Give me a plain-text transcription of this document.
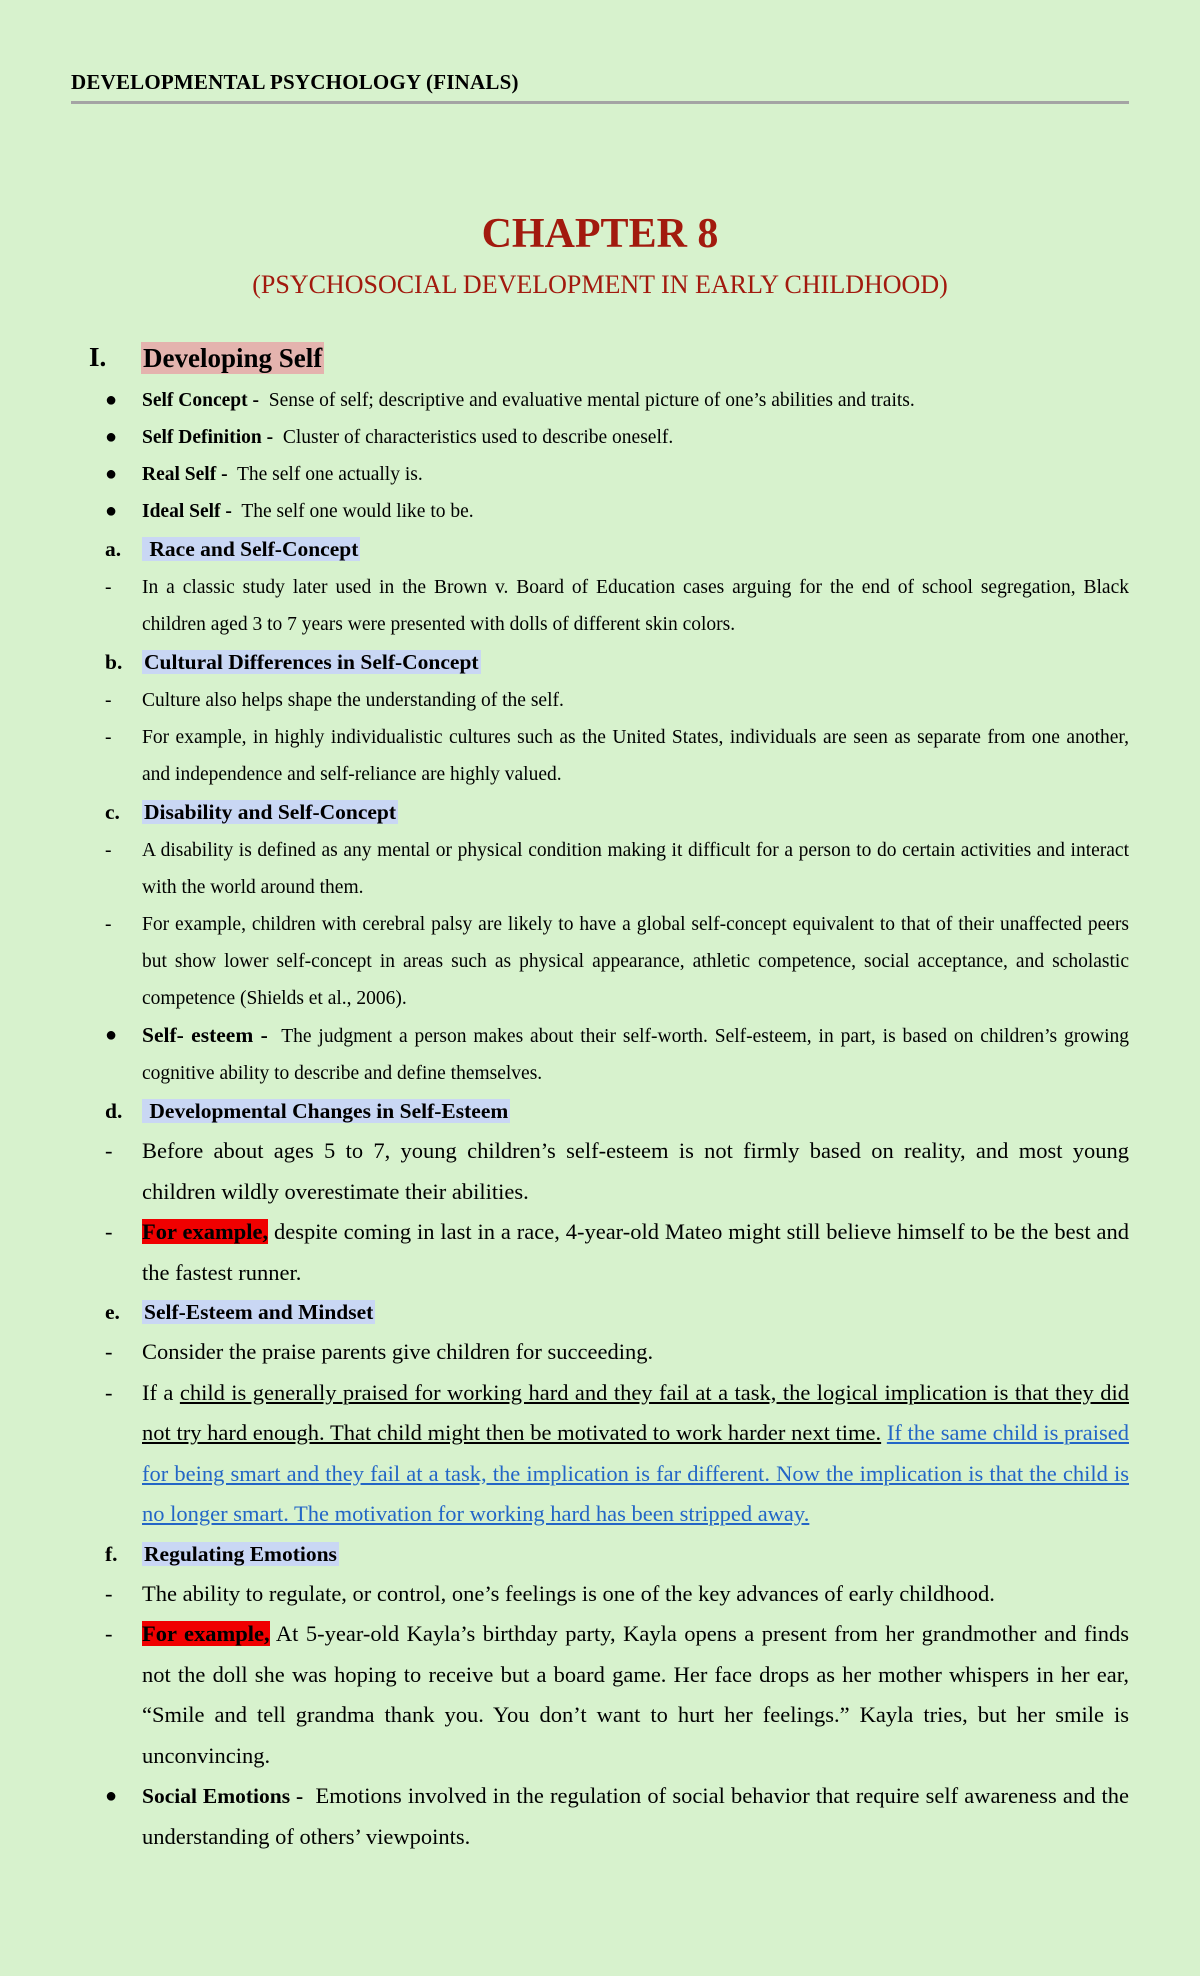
DEVELOPMENTAL PSYCHOLOGY (FINALS)
CHAPTER 8
(PSYCHOSOCIAL DEVELOPMENT IN EARLY CHILDHOOD)
I. Developing Self
● Self Concept - Sense of self; descriptive and evaluative mental picture of one’s abilities and traits.
● Self Definition - Cluster of characteristics used to describe oneself.
● Real Self - The self one actually is.
● Ideal Self - The self one would like to be.
a. Race and Self-Concept
- In a classic study later used in the Brown v. Board of Education cases arguing for the end of school segregation, Black children aged 3 to 7 years were presented with dolls of different skin colors.
b. Cultural Differences in Self-Concept
- Culture also helps shape the understanding of the self.
- For example, in highly individualistic cultures such as the United States, individuals are seen as separate from one another, and independence and self-reliance are highly valued.
c. Disability and Self-Concept
- A disability is defined as any mental or physical condition making it difficult for a person to do certain activities and interact with the world around them.
- For example, children with cerebral palsy are likely to have a global self-concept equivalent to that of their unaffected peers but show lower self-concept in areas such as physical appearance, athletic competence, social acceptance, and scholastic competence (Shields et al., 2006).
● Self- esteem - The judgment a person makes about their self-worth. Self-esteem, in part, is based on children’s growing cognitive ability to describe and define themselves.
d. Developmental Changes in Self-Esteem
- Before about ages 5 to 7, young children’s self-esteem is not firmly based on reality, and most young children wildly overestimate their abilities.
- For example, despite coming in last in a race, 4-year-old Mateo might still believe himself to be the best and the fastest runner.
e. Self-Esteem and Mindset
- Consider the praise parents give children for succeeding.
- If a child is generally praised for working hard and they fail at a task, the logical implication is that they did not try hard enough. That child might then be motivated to work harder next time. If the same child is praised for being smart and they fail at a task, the implication is far different. Now the implication is that the child is no longer smart. The motivation for working hard has been stripped away.
f. Regulating Emotions
- The ability to regulate, or control, one’s feelings is one of the key advances of early childhood.
- For example, At 5-year-old Kayla’s birthday party, Kayla opens a present from her grandmother and finds not the doll she was hoping to receive but a board game. Her face drops as her mother whispers in her ear, “Smile and tell grandma thank you. You don’t want to hurt her feelings.” Kayla tries, but her smile is unconvincing.
● Social Emotions - Emotions involved in the regulation of social behavior that require self awareness and the understanding of others’ viewpoints.
